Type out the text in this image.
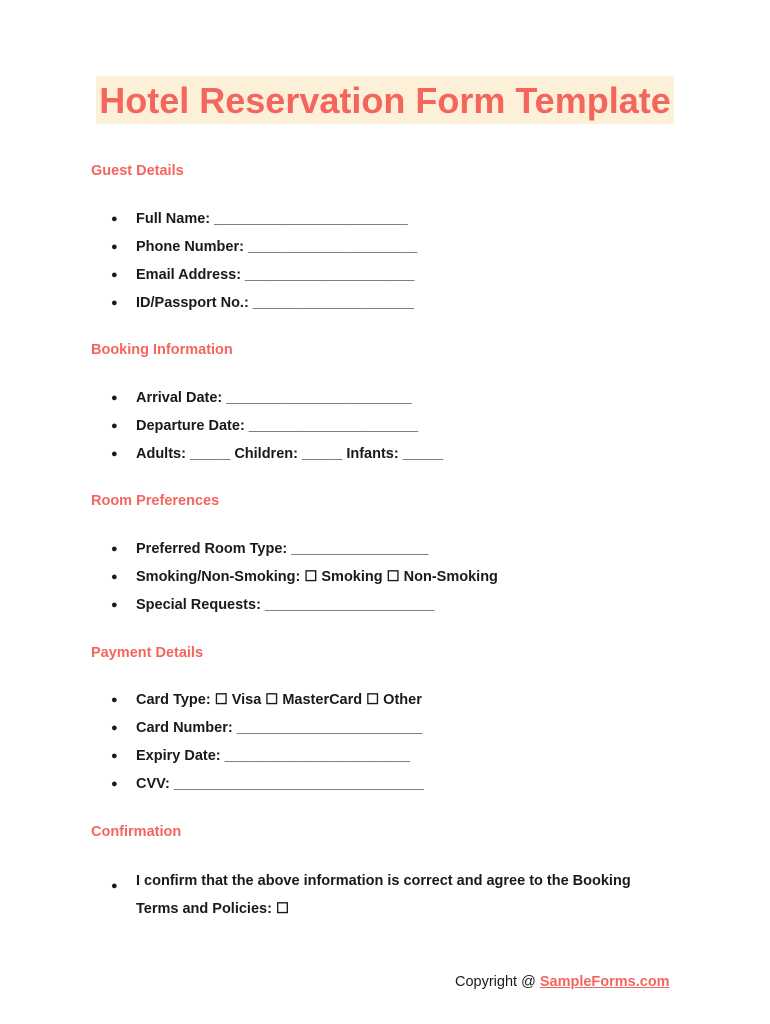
Hotel Reservation Form Template
Guest Details
● Full Name: ________________________
● Phone Number: _____________________
● Email Address: _____________________
● ID/Passport No.: ____________________
Booking Information
● Arrival Date: _______________________
● Departure Date: _____________________
● Adults: _____ Children: _____ Infants: _____
Room Preferences
● Preferred Room Type: _________________
● Smoking/Non-Smoking: ☐ Smoking ☐ Non-Smoking
● Special Requests: _____________________
Payment Details
● Card Type: ☐ Visa ☐ MasterCard ☐ Other
● Card Number: _______________________
● Expiry Date: _______________________
● CVV: _______________________________
Confirmation
● I confirm that the above information is correct and agree to the Booking
Terms and Policies: ☐
Copyright @ SampleForms.com
